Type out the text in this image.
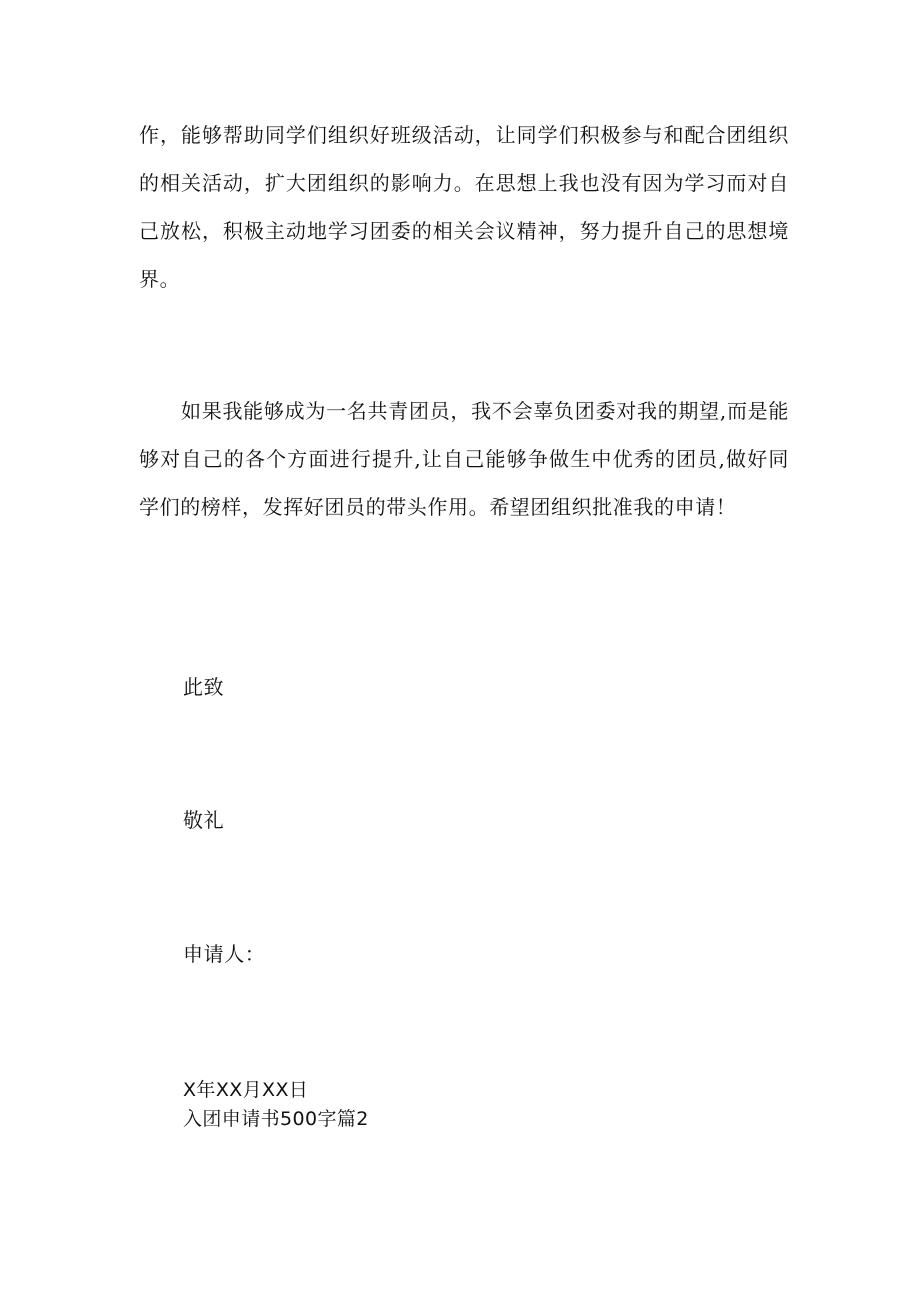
作，能够帮助同学们组织好班级活动，让同学们积极参与和配合团组织的相关活动，扩大团组织的影响力。在思想上我也没有因为学习而对自己放松，积极主动地学习团委的相关会议精神，努力提升自己的思想境界。

如果我能够成为一名共青团员，我不会辜负团委对我的期望,而是能够对自己的各个方面进行提升,让自己能够争做生中优秀的团员,做好同学们的榜样，发挥好团员的带头作用。希望团组织批准我的申请！

此致

敬礼

申请人：

X年XX月XX日

入团申请书500字篇2
